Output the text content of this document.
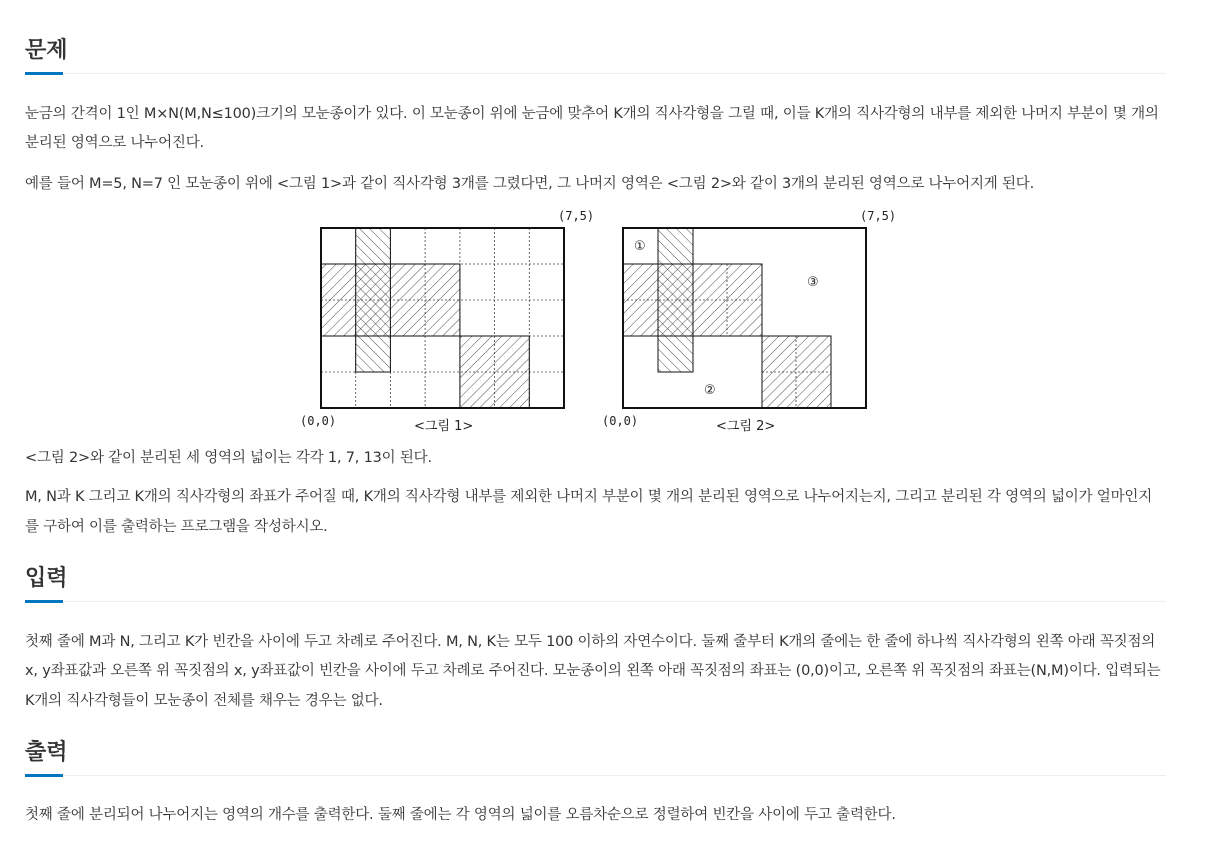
문제

눈금의 간격이 1인 M×N(M,N≤100)크기의 모눈종이가 있다. 이 모눈종이 위에 눈금에 맞추어 K개의 직사각형을 그릴 때, 이들 K개의 직사각형의 내부를 제외한 나머지 부분이 몇 개의

분리된 영역으로 나누어진다.

예를 들어 M=5, N=7 인 모눈종이 위에 <그림 1>과 같이 직사각형 3개를 그렸다면, 그 나머지 영역은 <그림 2>와 같이 3개의 분리된 영역으로 나누어지게 된다.

(7,5)
(0,0)	<그림 1>
①
②
③
(7,5)
(0,0)	<그림 2>

<그림 2>와 같이 분리된 세 영역의 넓이는 각각 1, 7, 13이 된다.

M, N과 K 그리고 K개의 직사각형의 좌표가 주어질 때, K개의 직사각형 내부를 제외한 나머지 부분이 몇 개의 분리된 영역으로 나누어지는지, 그리고 분리된 각 영역의 넓이가 얼마인지

를 구하여 이를 출력하는 프로그램을 작성하시오.

입력

첫째 줄에 M과 N, 그리고 K가 빈칸을 사이에 두고 차례로 주어진다. M, N, K는 모두 100 이하의 자연수이다. 둘째 줄부터 K개의 줄에는 한 줄에 하나씩 직사각형의 왼쪽 아래 꼭짓점의

x, y좌표값과 오른쪽 위 꼭짓점의 x, y좌표값이 빈칸을 사이에 두고 차례로 주어진다. 모눈종이의 왼쪽 아래 꼭짓점의 좌표는 (0,0)이고, 오른쪽 위 꼭짓점의 좌표는(N,M)이다. 입력되는

K개의 직사각형들이 모눈종이 전체를 채우는 경우는 없다.

출력

첫째 줄에 분리되어 나누어지는 영역의 개수를 출력한다. 둘째 줄에는 각 영역의 넓이를 오름차순으로 정렬하여 빈칸을 사이에 두고 출력한다.
